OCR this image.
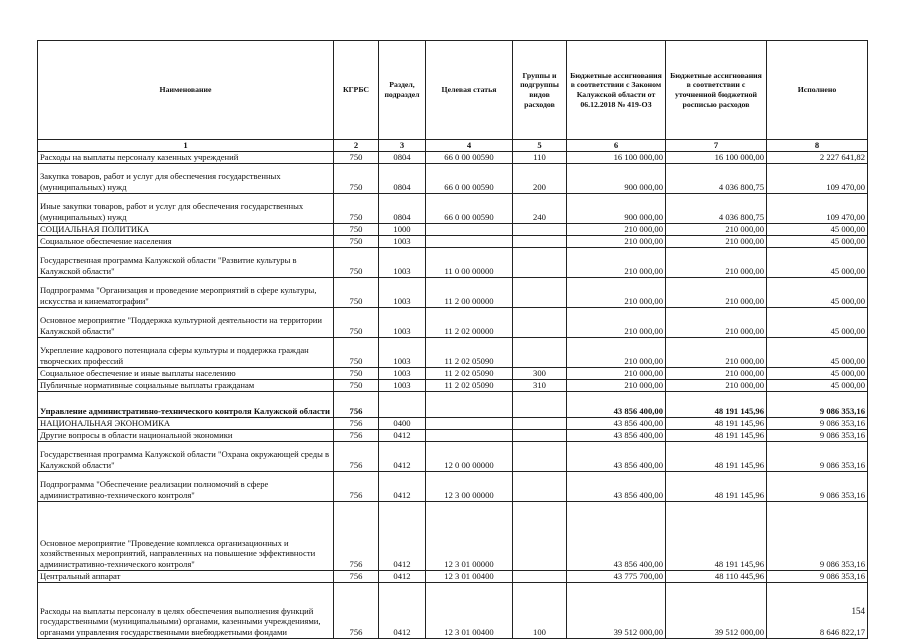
Наименование	КГРБС	Раздел, подраздел	Целевая статья	Группы и подгруппы видов расходов	Бюджетные ассигнования в соответствии с Законом Калужской области от 06.12.2018 № 419-ОЗ	Бюджетные ассигнования в соответствии с уточненной бюджетной росписью расходов	Исполнено
1	2	3	4	5	6	7	8
Расходы на выплаты персоналу казенных учреждений	750	0804	66 0 00 00590	110	16 100 000,00	16 100 000,00	2 227 641,82
Закупка товаров, работ и услуг для обеспечения государственных (муниципальных) нужд	750	0804	66 0 00 00590	200	900 000,00	4 036 800,75	109 470,00
Иные закупки товаров, работ и услуг для обеспечения государственных (муниципальных) нужд	750	0804	66 0 00 00590	240	900 000,00	4 036 800,75	109 470,00
СОЦИАЛЬНАЯ ПОЛИТИКА	750	1000			210 000,00	210 000,00	45 000,00
Социальное обеспечение населения	750	1003			210 000,00	210 000,00	45 000,00
Государственная программа Калужской области "Развитие культуры в Калужской области"	750	1003	11 0 00 00000		210 000,00	210 000,00	45 000,00
Подпрограмма "Организация и проведение мероприятий в сфере культуры, искусства и кинематографии"	750	1003	11 2 00 00000		210 000,00	210 000,00	45 000,00
Основное мероприятие "Поддержка культурной деятельности на территории Калужской области"	750	1003	11 2 02 00000		210 000,00	210 000,00	45 000,00
Укрепление кадрового потенциала сферы культуры и поддержка граждан творческих профессий	750	1003	11 2 02 05090		210 000,00	210 000,00	45 000,00
Социальное обеспечение и иные выплаты населению	750	1003	11 2 02 05090	300	210 000,00	210 000,00	45 000,00
Публичные нормативные социальные выплаты гражданам	750	1003	11 2 02 05090	310	210 000,00	210 000,00	45 000,00
Управление административно-технического контроля Калужской области	756				43 856 400,00	48 191 145,96	9 086 353,16
НАЦИОНАЛЬНАЯ ЭКОНОМИКА	756	0400			43 856 400,00	48 191 145,96	9 086 353,16
Другие вопросы в области национальной экономики	756	0412			43 856 400,00	48 191 145,96	9 086 353,16
Государственная программа Калужской области "Охрана окружающей среды в Калужской области"	756	0412	12 0 00 00000		43 856 400,00	48 191 145,96	9 086 353,16
Подпрограмма "Обеспечение реализации полномочий в сфере административно-технического контроля"	756	0412	12 3 00 00000		43 856 400,00	48 191 145,96	9 086 353,16
Основное мероприятие "Проведение комплекса организационных и хозяйственных мероприятий, направленных на повышение эффективности административно-технического контроля"	756	0412	12 3 01 00000		43 856 400,00	48 191 145,96	9 086 353,16
Центральный аппарат	756	0412	12 3 01 00400		43 775 700,00	48 110 445,96	9 086 353,16
Расходы на выплаты персоналу в целях обеспечения выполнения функций государственными (муниципальными) органами, казенными учреждениями, органами управления государственными внебюджетными фондами	756	0412	12 3 01 00400	100	39 512 000,00	39 512 000,00	8 646 822,17
154
